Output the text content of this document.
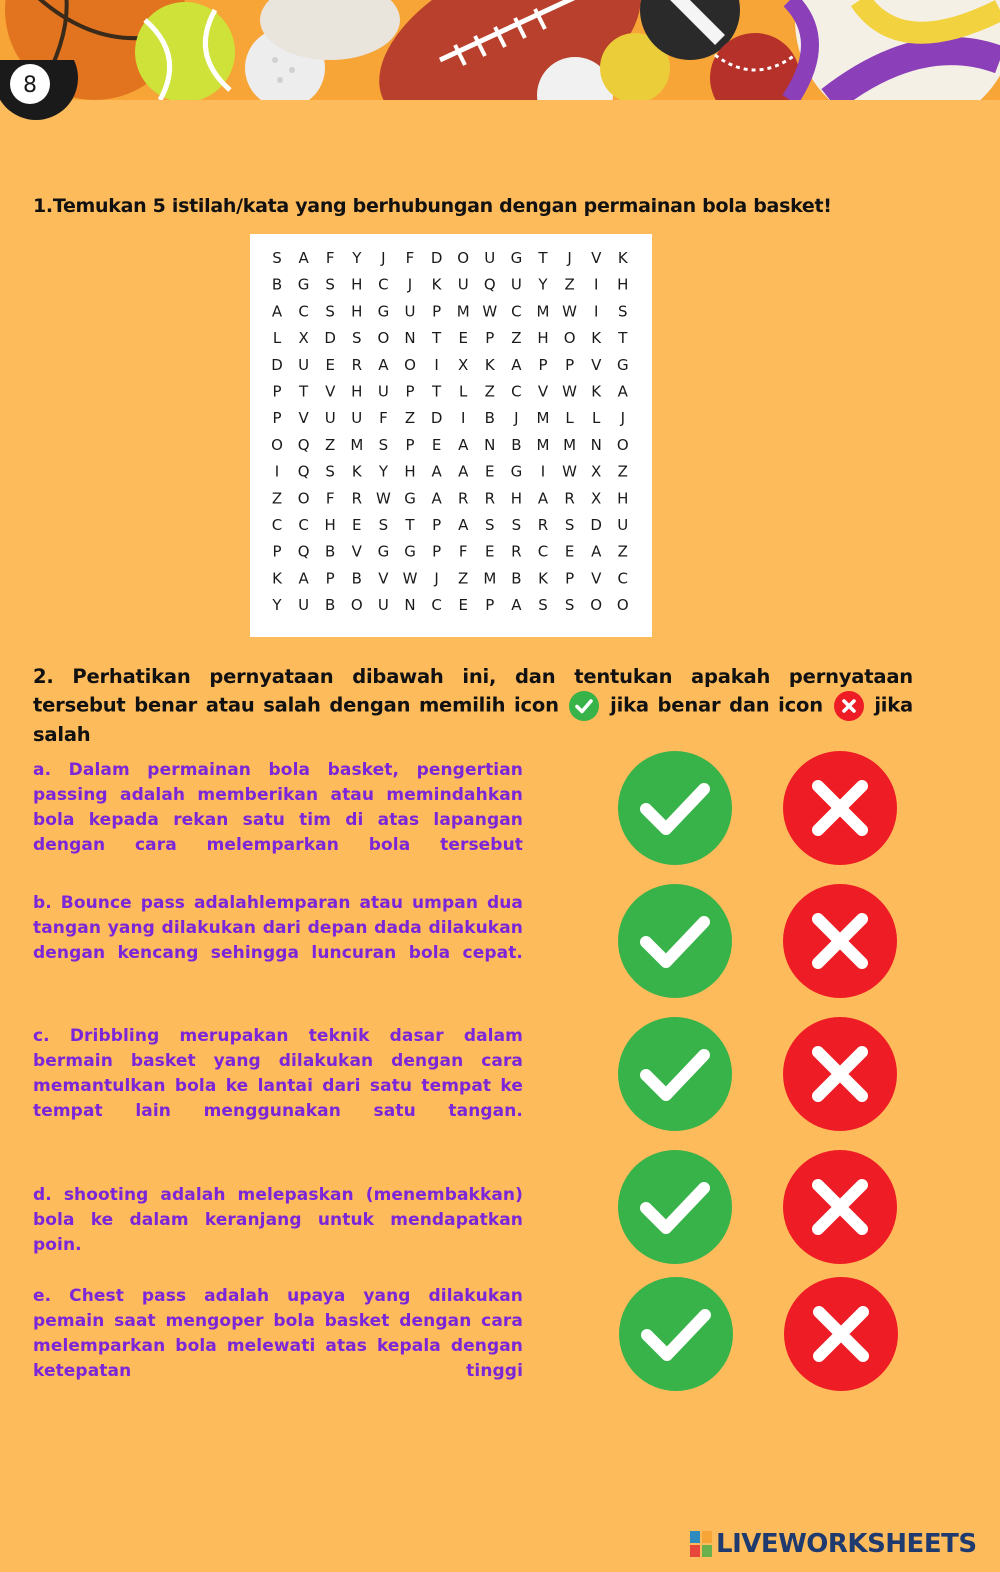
8
1.Temukan 5 istilah/kata yang berhubungan dengan permainan bola basket!
S A F Y J F D O U G T J V K
B G S H C J K U Q U Y Z I H
A C S H G U P M W C M W I S
L X D S O N T E P Z H O K T
D U E R A O I X K A P P V G
P T V H U P T L Z C V W K A
P V U U F Z D I B J M L L J
O Q Z M S P E A N B M M N O
I Q S K Y H A A E G I W X Z
Z O F R W G A R R H A R X H
C C H E S T P A S S R S D U
P Q B V G G P F E R C E A Z
K A P B V W J Z M B K P V C
Y U B O U N C E P A S S O O
2. Perhatikan pernyataan dibawah ini, dan tentukan apakah pernyataan tersebut benar atau salah dengan memilih icon	jika benar dan icon	jika salah
a. Dalam permainan bola basket, pengertian passing adalah memberikan atau memindahkan bola kepada rekan satu tim di atas lapangan dengan cara melemparkan bola tersebut
b. Bounce pass adalahlemparan atau umpan dua tangan yang dilakukan dari depan dada dilakukan dengan kencang sehingga luncuran bola cepat.
c. Dribbling merupakan teknik dasar dalam bermain basket yang dilakukan dengan cara memantulkan bola ke lantai dari satu tempat ke tempat lain menggunakan satu tangan.
d. shooting adalah melepaskan (menembakkan) bola ke dalam keranjang untuk mendapatkan poin.
e. Chest pass adalah upaya yang dilakukan pemain saat mengoper bola basket dengan cara melemparkan bola melewati atas kepala dengan ketepatan tinggi
LIVEWORKSHEETS
